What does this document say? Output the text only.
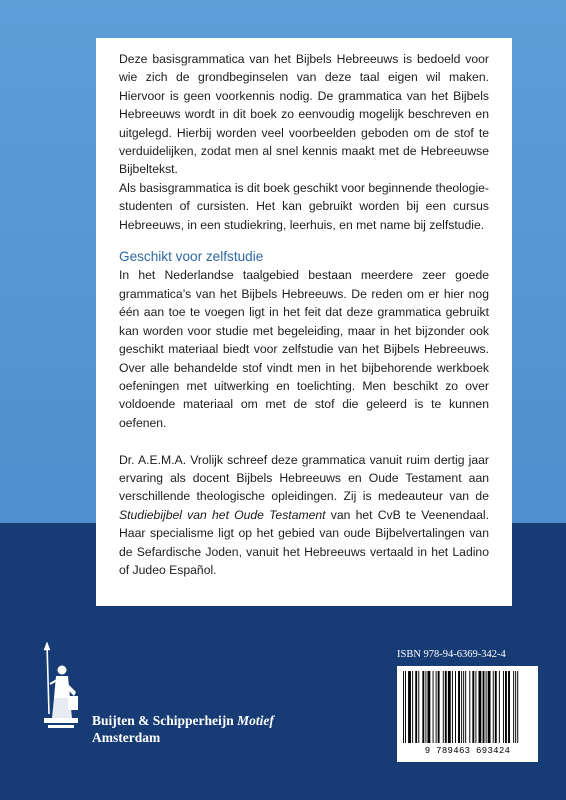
Deze basisgrammatica van het Bijbels Hebreeuws is bedoeld voor wie zich de grondbeginselen van deze taal eigen wil maken. Hiervoor is geen voorkennis nodig. De grammatica van het Bijbels Hebreeuws wordt in dit boek zo eenvoudig mogelijk beschreven en uitgelegd. Hierbij worden veel voorbeelden geboden om de stof te verduidelijken, zodat men al snel kennis maakt met de Hebreeuwse Bijbeltekst.

Als basisgrammatica is dit boek geschikt voor beginnende theologie-studenten of cursisten. Het kan gebruikt worden bij een cursus Hebreeuws, in een studiekring, leerhuis, en met name bij zelfstudie.

Geschikt voor zelfstudie

In het Nederlandse taalgebied bestaan meerdere zeer goede grammatica’s van het Bijbels Hebreeuws. De reden om er hier nog één aan toe te voegen ligt in het feit dat deze grammatica gebruikt kan worden voor studie met begeleiding, maar in het bijzonder ook geschikt materiaal biedt voor zelfstudie van het Bijbels Hebreeuws. Over alle behandelde stof vindt men in het bijbehorende werkboek oefeningen met uitwerking en toelichting. Men beschikt zo over voldoende materiaal om met de stof die geleerd is te kunnen oefenen.

Dr. A.E.M.A. Vrolijk schreef deze grammatica vanuit ruim dertig jaar ervaring als docent Bijbels Hebreeuws en Oude Testament aan verschillende theologische opleidingen. Zij is medeauteur van de Studiebijbel van het Oude Testament van het CvB te Veenendaal. Haar specialisme ligt op het gebied van oude Bijbelvertalingen van de Sefardische Joden, vanuit het Hebreeuws vertaald in het Ladino of Judeo Español.

Buijten & Schipperheijn Motief
Amsterdam
ISBN 978-94-6369-342-4
9 789463 693424
